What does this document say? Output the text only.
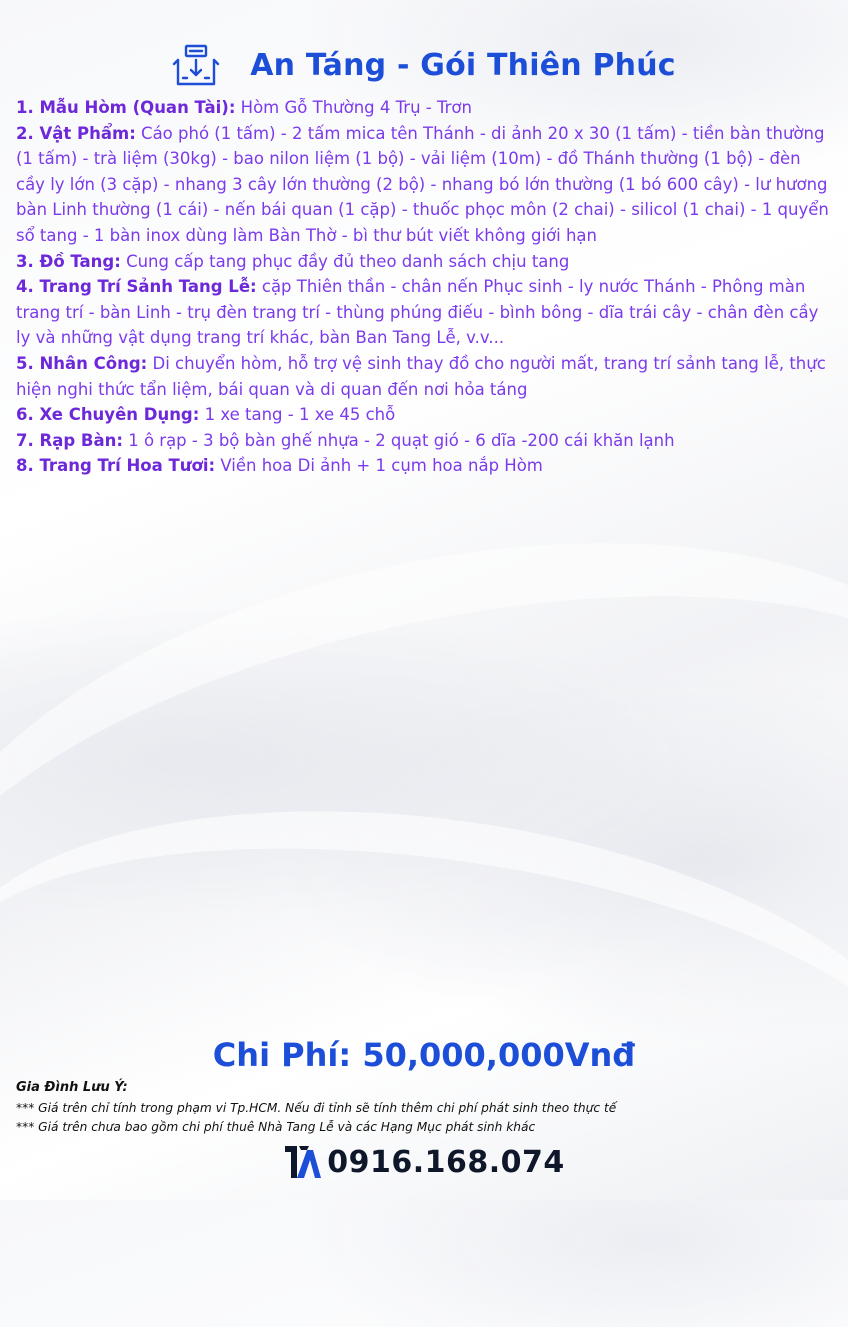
An Táng - Gói Thiên Phúc

1. Mẫu Hòm (Quan Tài): Hòm Gỗ Thường 4 Trụ - Trơn

2. Vật Phẩm: Cáo phó (1 tấm) - 2 tấm mica tên Thánh - di ảnh 20 x 30 (1 tấm) - tiền bàn thường (1 tấm) - trà liệm (30kg) - bao nilon liệm (1 bộ) - vải liệm (10m) - đồ Thánh thường (1 bộ) - đèn cầy ly lớn (3 cặp) - nhang 3 cây lớn thường (2 bộ) - nhang bó lớn thường (1 bó 600 cây) - lư hương bàn Linh thường (1 cái) - nến bái quan (1 cặp) - thuốc phọc môn (2 chai) - silicol (1 chai) - 1 quyển sổ tang - 1 bàn inox dùng làm Bàn Thờ - bì thư bút viết không giới hạn

3. Đồ Tang: Cung cấp tang phục đầy đủ theo danh sách chịu tang

4. Trang Trí Sảnh Tang Lễ: cặp Thiên thần - chân nến Phục sinh - ly nước Thánh - Phông màn trang trí - bàn Linh - trụ đèn trang trí - thùng phúng điếu - bình bông - dĩa trái cây - chân đèn cầy ly và những vật dụng trang trí khác, bàn Ban Tang Lễ, v.v...

5. Nhân Công: Di chuyển hòm, hỗ trợ vệ sinh thay đồ cho người mất, trang trí sảnh tang lễ, thực hiện nghi thức tẩn liệm, bái quan và di quan đến nơi hỏa táng

6. Xe Chuyên Dụng: 1 xe tang - 1 xe 45 chỗ

7. Rạp Bàn: 1 ô rạp - 3 bộ bàn ghế nhựa - 2 quạt gió - 6 dĩa -200 cái khăn lạnh

8. Trang Trí Hoa Tươi: Viền hoa Di ảnh + 1 cụm hoa nắp Hòm

Chi Phí: 50,000,000Vnđ

Gia Đình Lưu Ý:

*** Giá trên chỉ tính trong phạm vi Tp.HCM. Nếu đi tỉnh sẽ tính thêm chi phí phát sinh theo thực tế

*** Giá trên chưa bao gồm chi phí thuê Nhà Tang Lễ và các Hạng Mục phát sinh khác

0916.168.074
